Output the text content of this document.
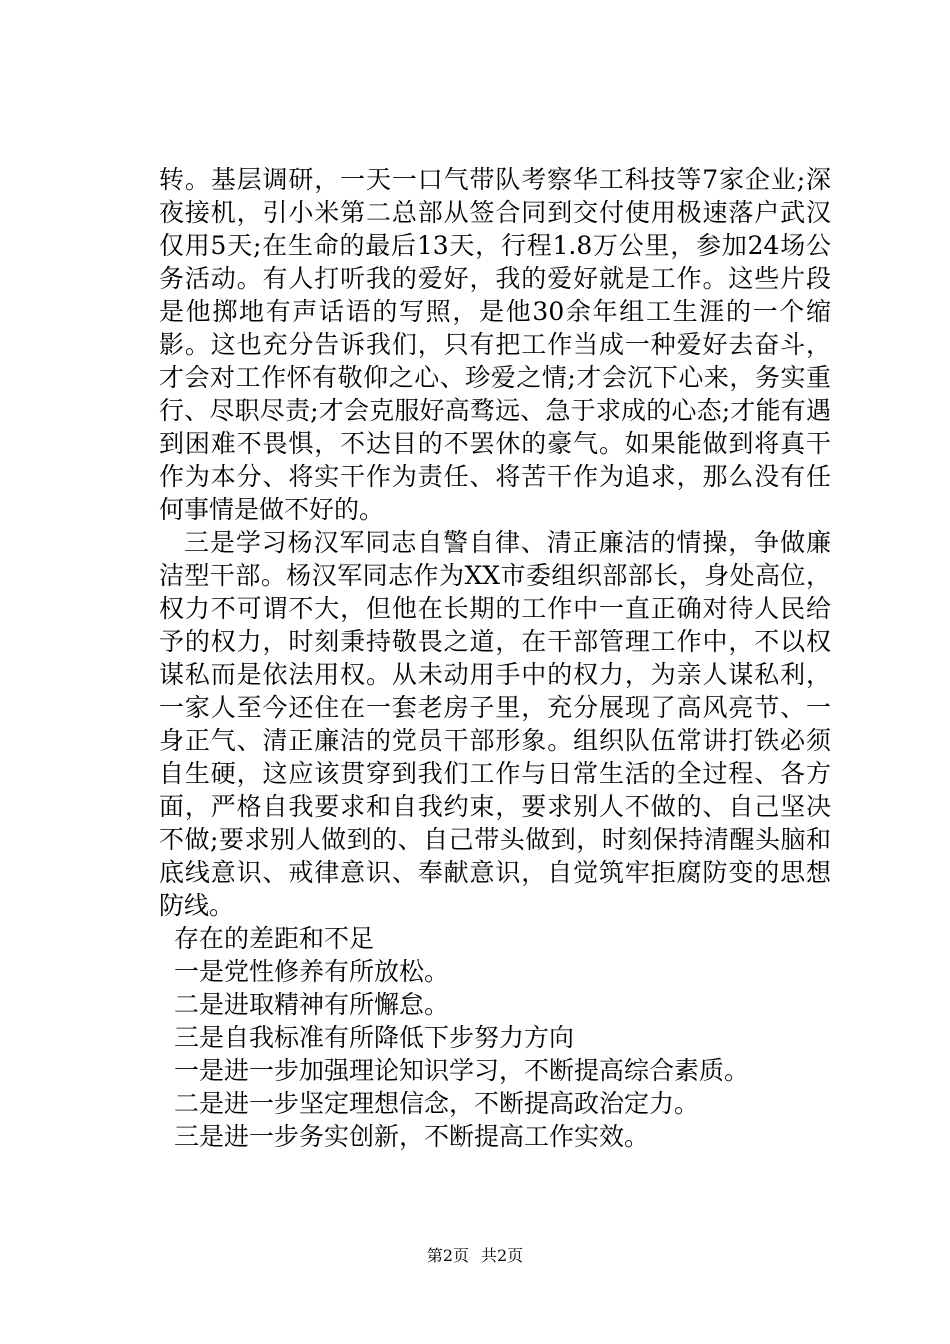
转。基层调研，一天一口气带队考察华工科技等7家企业;深夜接机，引小米第二总部从签合同到交付使用极速落户武汉仅用5天;在生命的最后13天，行程1.8万公里，参加24场公务活动。有人打听我的爱好，我的爱好就是工作。这些片段是他掷地有声话语的写照，是他30余年组工生涯的一个缩影。这也充分告诉我们，只有把工作当成一种爱好去奋斗，才会对工作怀有敬仰之心、珍爱之情;才会沉下心来，务实重行、尽职尽责;才会克服好高骛远、急于求成的心态;才能有遇到困难不畏惧，不达目的不罢休的豪气。如果能做到将真干作为本分、将实干作为责任、将苦干作为追求，那么没有任何事情是做不好的。

三是学习杨汉军同志自警自律、清正廉洁的情操，争做廉洁型干部。杨汉军同志作为XX市委组织部部长，身处高位，权力不可谓不大，但他在长期的工作中一直正确对待人民给予的权力，时刻秉持敬畏之道，在干部管理工作中，不以权谋私而是依法用权。从未动用手中的权力，为亲人谋私利，一家人至今还住在一套老房子里，充分展现了高风亮节、一身正气、清正廉洁的党员干部形象。组织队伍常讲打铁必须自生硬，这应该贯穿到我们工作与日常生活的全过程、各方面，严格自我要求和自我约束，要求别人不做的、自己坚决不做;要求别人做到的、自己带头做到，时刻保持清醒头脑和底线意识、戒律意识、奉献意识，自觉筑牢拒腐防变的思想防线。

存在的差距和不足

一是党性修养有所放松。

二是进取精神有所懈怠。

三是自我标准有所降低下步努力方向

一是进一步加强理论知识学习，不断提高综合素质。

二是进一步坚定理想信念，不断提高政治定力。

三是进一步务实创新，不断提高工作实效。

第2页 共2页
